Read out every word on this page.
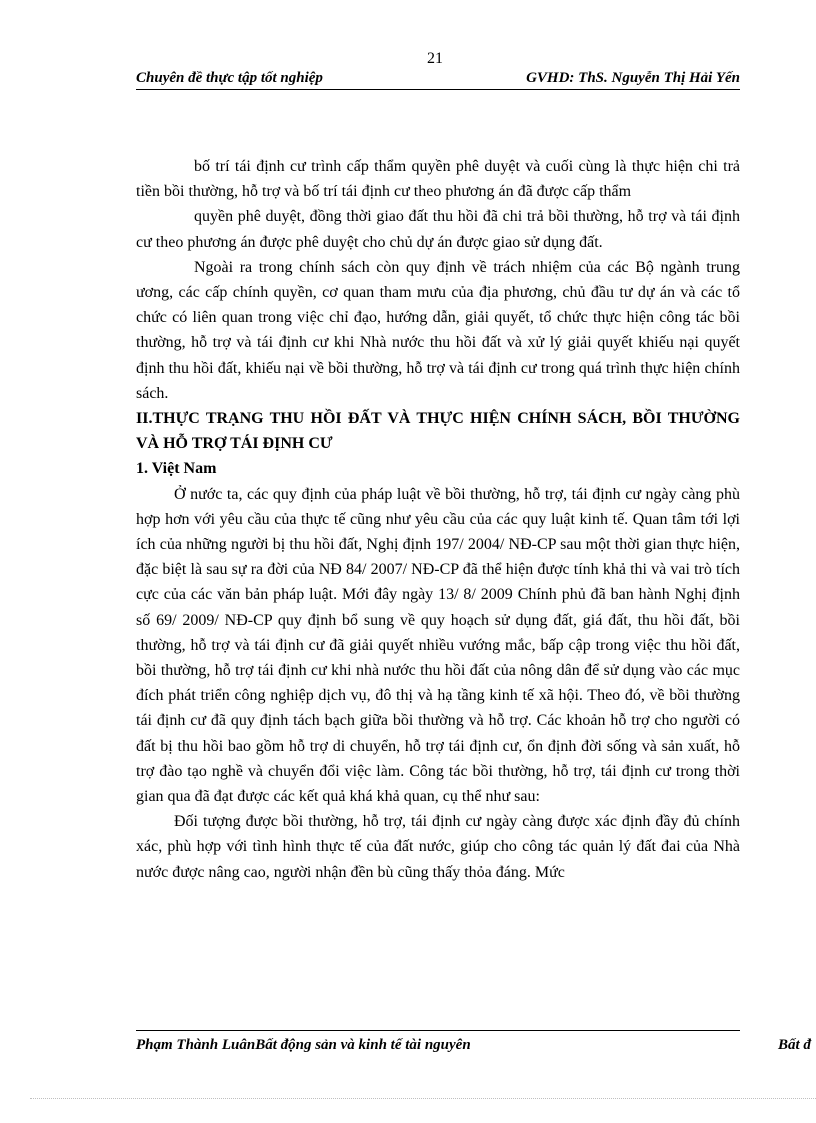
21
Chuyên đề thực tập tốt nghiệp	GVHD: ThS. Nguyễn Thị Hải Yến

bố trí tái định cư trình cấp thẩm quyền phê duyệt và cuối cùng là thực hiện chi trả tiền bồi thường, hỗ trợ và bố trí tái định cư theo phương án đã được cấp thẩm

quyền phê duyệt, đồng thời giao đất thu hồi đã chi trả bồi thường, hỗ trợ và tái định cư theo phương án được phê duyệt cho chủ dự án được giao sử dụng đất.

Ngoài ra trong chính sách còn quy định về trách nhiệm của các Bộ ngành trung ương, các cấp chính quyền, cơ quan tham mưu của địa phương, chủ đầu tư dự án và các tổ chức có liên quan trong việc chỉ đạo, hướng dẫn, giải quyết, tổ chức thực hiện công tác bồi thường, hỗ trợ và tái định cư khi Nhà nước thu hồi đất và xử lý giải quyết khiếu nại quyết định thu hồi đất, khiếu nại về bồi thường, hỗ trợ và tái định cư trong quá trình thực hiện chính sách.

II.THỰC TRẠNG THU HỒI ĐẤT VÀ THỰC HIỆN CHÍNH SÁCH, BỒI THƯỜNG VÀ HỖ TRỢ TÁI ĐỊNH CƯ

1. Việt Nam

Ở nước ta, các quy định của pháp luật về bồi thường, hỗ trợ, tái định cư ngày càng phù hợp hơn với yêu cầu của thực tế cũng như yêu cầu của các quy luật kinh tế. Quan tâm tới lợi ích của những người bị thu hồi đất, Nghị định 197/ 2004/ NĐ-CP sau một thời gian thực hiện, đặc biệt là sau sự ra đời của NĐ 84/ 2007/ NĐ-CP đã thể hiện được tính khả thi và vai trò tích cực của các văn bản pháp luật. Mới đây ngày 13/ 8/ 2009 Chính phủ đã ban hành Nghị định số 69/ 2009/ NĐ-CP quy định bổ sung về quy hoạch sử dụng đất, giá đất, thu hồi đất, bồi thường, hỗ trợ và tái định cư đã giải quyết nhiều vướng mắc, bấp cập trong việc thu hồi đất, bồi thường, hỗ trợ tái định cư khi nhà nước thu hồi đất của nông dân để sử dụng vào các mục đích phát triển công nghiệp dịch vụ, đô thị và hạ tầng kinh tế xã hội. Theo đó, về bồi thường tái định cư đã quy định tách bạch giữa bồi thường và hỗ trợ. Các khoản hỗ trợ cho người có đất bị thu hồi bao gồm hỗ trợ di chuyển, hỗ trợ tái định cư, ổn định đời sống và sản xuất, hỗ trợ đào tạo nghề và chuyển đổi việc làm. Công tác bồi thường, hỗ trợ, tái định cư trong thời gian qua đã đạt được các kết quả khá khả quan, cụ thể như sau:

Đối tượng được bồi thường, hỗ trợ, tái định cư ngày càng được xác định đầy đủ chính xác, phù hợp với tình hình thực tế của đất nước, giúp cho công tác quản lý đất đai của Nhà nước được nâng cao, người nhận đền bù cũng thấy thỏa đáng. Mức

Phạm Thành LuânBất động sản và kinh tế tài nguyên	Bất đ
